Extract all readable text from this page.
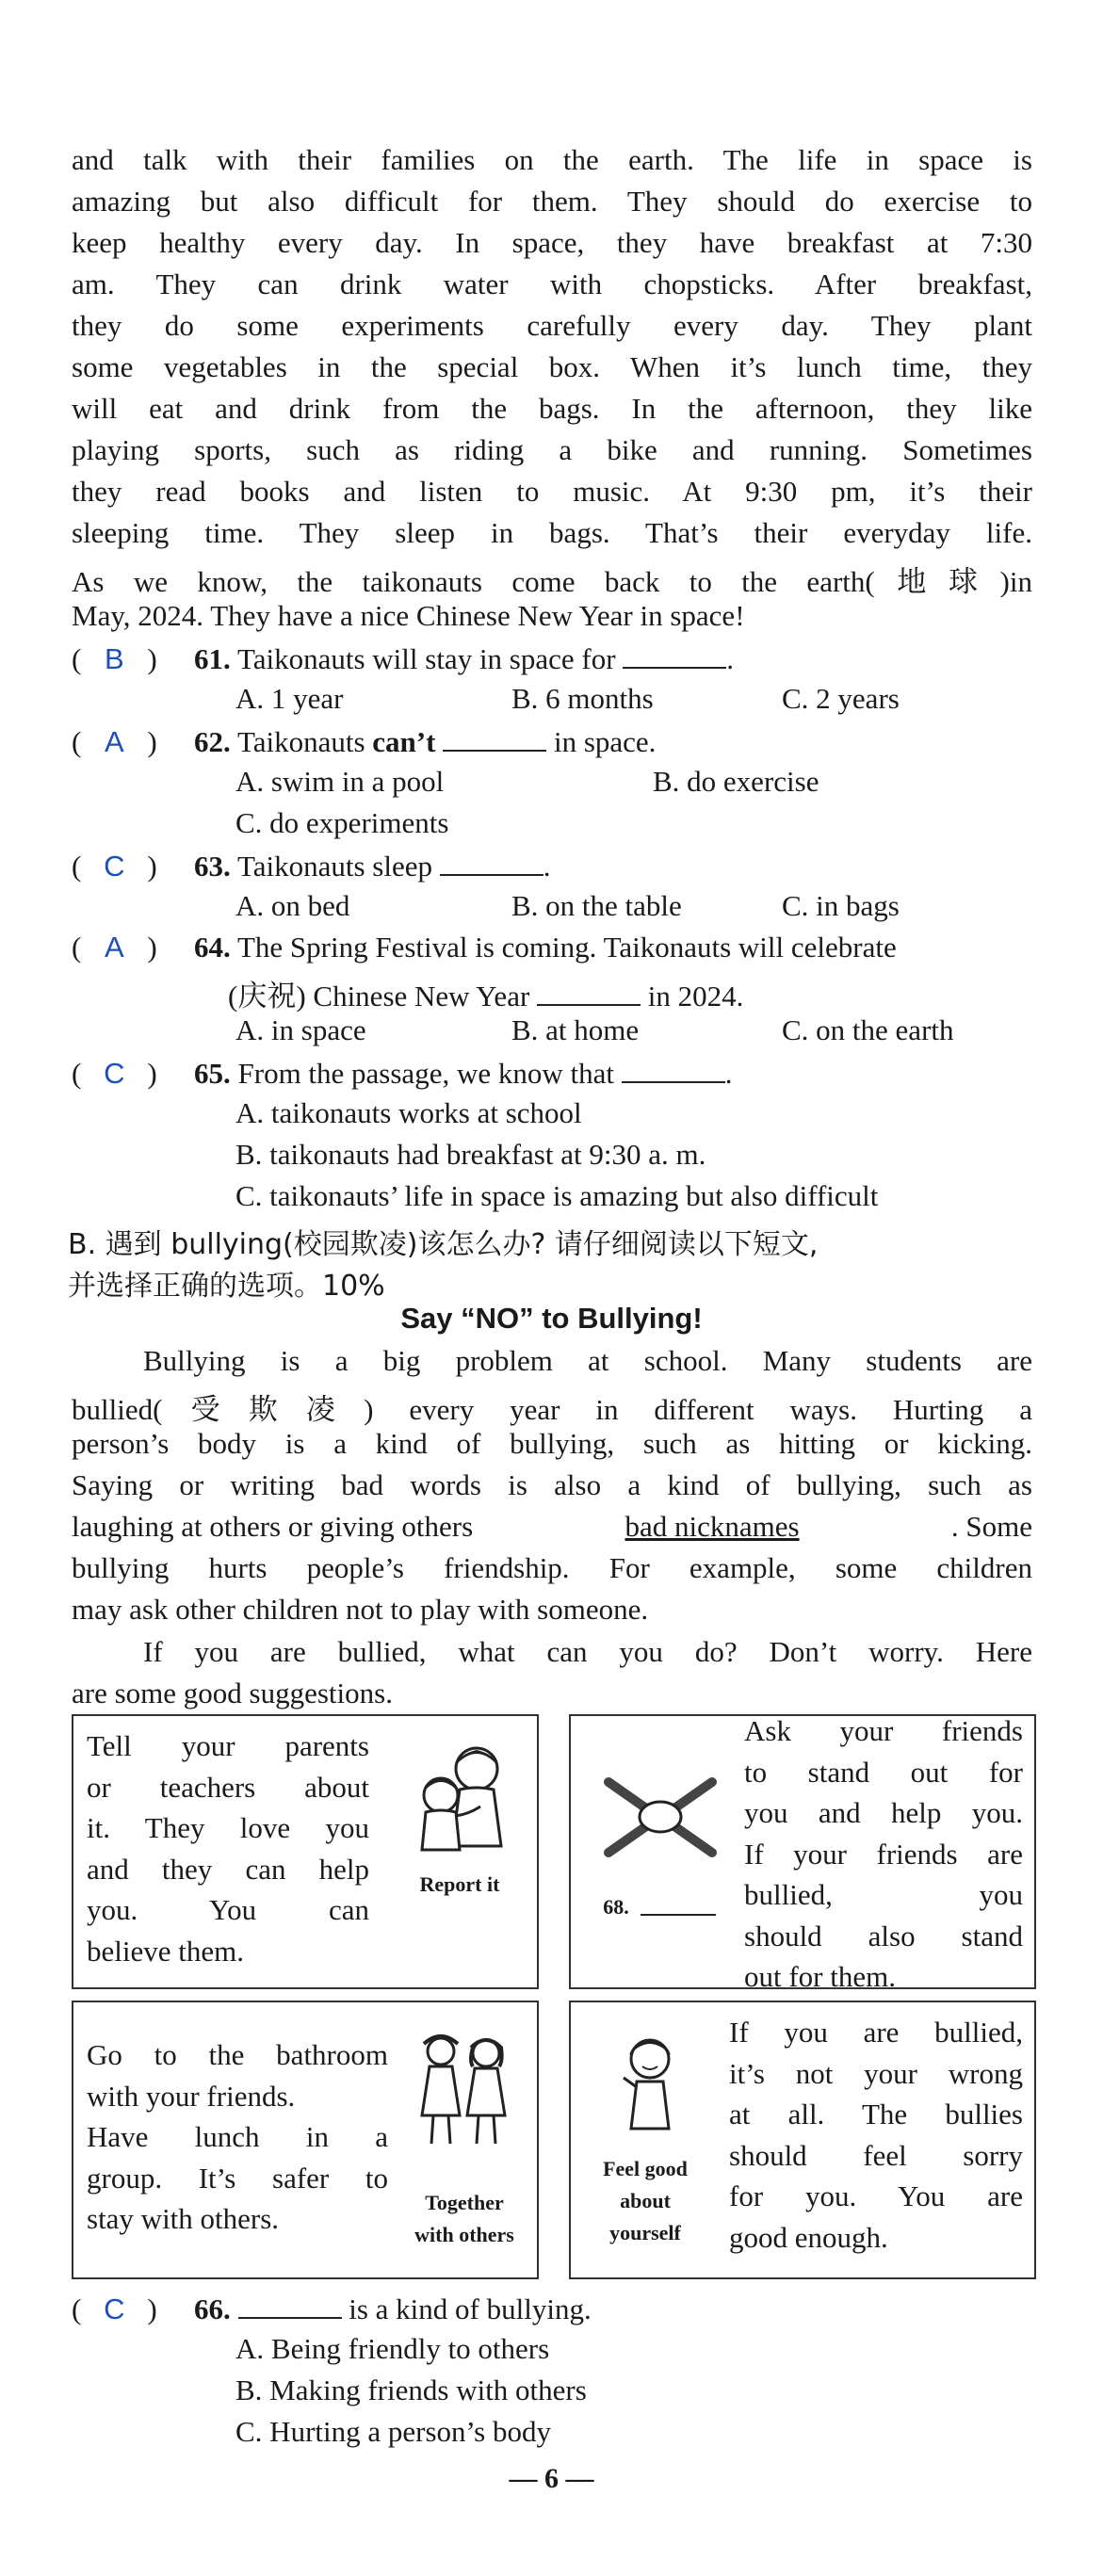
and talk with their families on the earth. The life in space is
amazing but also difficult for them. They should do exercise to
keep healthy every day. In space, they have breakfast at 7:30
am. They can drink water with chopsticks. After breakfast,
they do some experiments carefully every day. They plant
some vegetables in the special box. When it’s lunch time, they
will eat and drink from the bags. In the afternoon, they like
playing sports, such as riding a bike and running. Sometimes
they read books and listen to music. At 9:30 pm, it’s their
sleeping time. They sleep in bags. That’s their everyday life.
As we know, the taikonauts come back to the earth(地球)in
May, 2024. They have a nice Chinese New Year in space!
( B ) 61. Taikonauts will stay in space for	.
A. 1 year	B. 6 months	C. 2 years
( A ) 62. Taikonauts can’t	in space.
A. swim in a pool	B. do exercise
C. do experiments
( C ) 63. Taikonauts sleep	.
A. on bed	B. on the table	C. in bags
( A ) 64. The Spring Festival is coming. Taikonauts will celebrate
(庆祝) Chinese New Year	in 2024.
A. in space	B. at home	C. on the earth
( C ) 65. From the passage, we know that	.
A. taikonauts works at school
B. taikonauts had breakfast at 9:30 a. m.
C. taikonauts’ life in space is amazing but also difficult
B. 遇到 bullying(校园欺凌)该怎么办? 请仔细阅读以下短文,
并选择正确的选项。10%
Say “NO” to Bullying!
Bullying is a big problem at school. Many students are
bullied(受欺凌) every year in different ways. Hurting a
person’s body is a kind of bullying, such as hitting or kicking.
Saying or writing bad words is also a kind of bullying, such as
laughing at others or giving others	bad nicknames	. Some
bullying hurts people’s friendship. For example, some children
may ask other children not to play with someone.
If you are bullied, what can you do? Don’t worry. Here
are some good suggestions.
Tell your parents
or teachers about
it. They love you
and they can help
you. You can
believe them.
Report it
68.
Ask your friends
to stand out for
you and help you.
If your friends are
bullied, you
should also stand
out for them.
Go to the bathroom
with your friends.
Have lunch in a
group. It’s safer to
stay with others.	Together
with others
Feel good
about
yourself
If you are bullied,
it’s not your wrong
at all. The bullies
should feel sorry
for you. You are
good enough.
( C ) 66.	is a kind of bullying.
A. Being friendly to others
B. Making friends with others
C. Hurting a person’s body
— 6 —
